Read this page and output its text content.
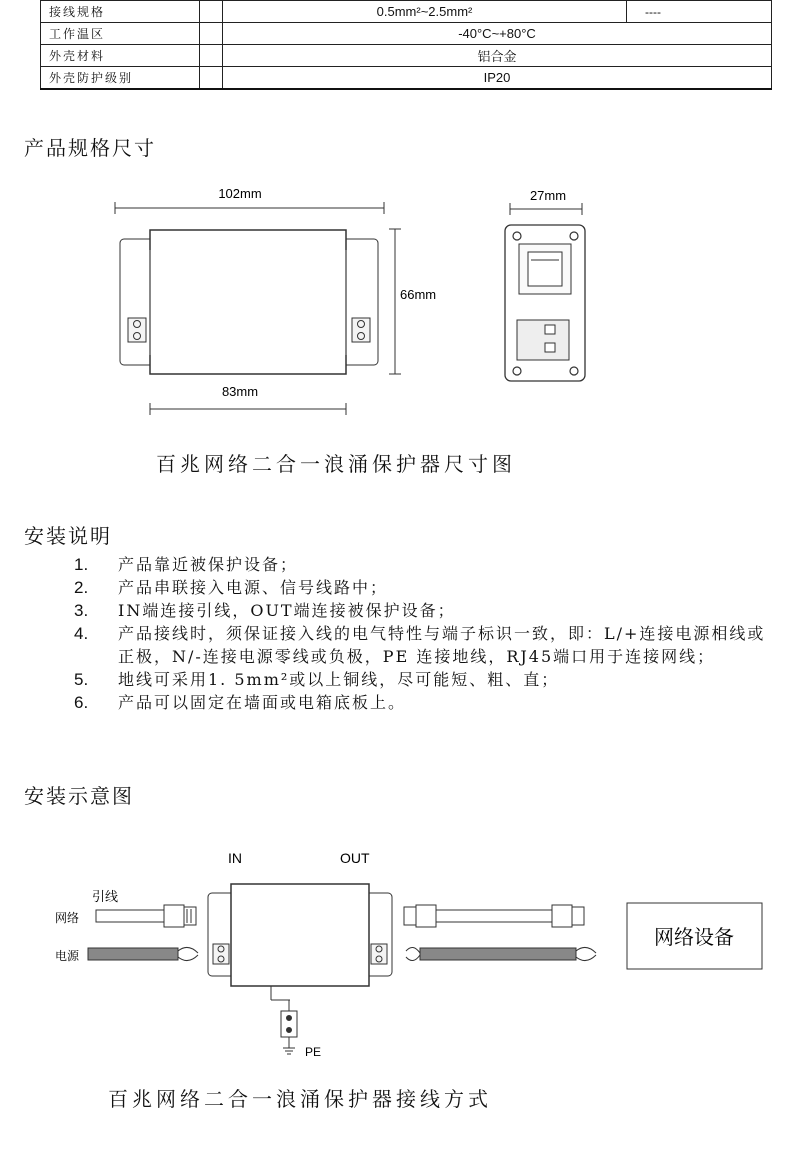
接线规格		0.5mm²~2.5mm²	----
工作温区		-40°C~+80°C	
外壳材料		铝合金	
外壳防护级别		IP20	
产品规格尺寸
102mm	27mm
66mm
83mm
IN	OUT
引线
网络
电源
网络设备
PE
百兆网络二合一浪涌保护器尺寸图
安装说明
1.	产品靠近被保护设备；
2.	产品串联接入电源、信号线路中；
3.	IN端连接引线，OUT端连接被保护设备；
4.	产品接线时，须保证接入线的电气特性与端子标识一致，即：L/+连接电源相线或正极，N/-连接电源零线或负极，PE 连接地线，RJ45端口用于连接网线；
5.	地线可采用1. 5mm²或以上铜线，尽可能短、粗、直；
6.	产品可以固定在墙面或电箱底板上。
安装示意图
百兆网络二合一浪涌保护器接线方式
